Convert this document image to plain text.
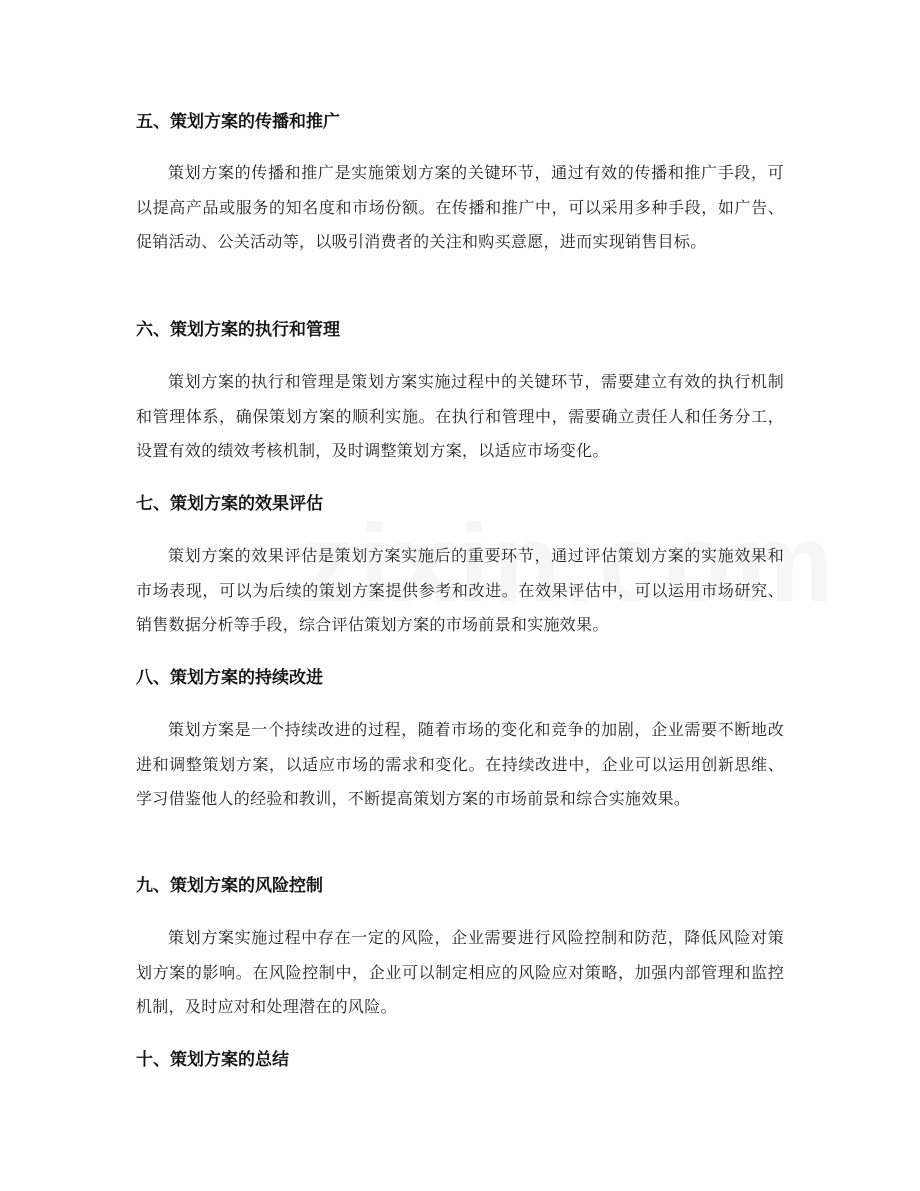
五、策划方案的传播和推广
策划方案的传播和推广是实施策划方案的关键环节，通过有效的传播和推广手段，可以提高产品或服务的知名度和市场份额。在传播和推广中，可以采用多种手段，如广告、促销活动、公关活动等，以吸引消费者的关注和购买意愿，进而实现销售目标。
六、策划方案的执行和管理
策划方案的执行和管理是策划方案实施过程中的关键环节，需要建立有效的执行机制和管理体系，确保策划方案的顺利实施。在执行和管理中，需要确立责任人和任务分工，设置有效的绩效考核机制，及时调整策划方案，以适应市场变化。
七、策划方案的效果评估
策划方案的效果评估是策划方案实施后的重要环节，通过评估策划方案的实施效果和市场表现，可以为后续的策划方案提供参考和改进。在效果评估中，可以运用市场研究、销售数据分析等手段，综合评估策划方案的市场前景和实施效果。
八、策划方案的持续改进
策划方案是一个持续改进的过程，随着市场的变化和竞争的加剧，企业需要不断地改进和调整策划方案，以适应市场的需求和变化。在持续改进中，企业可以运用创新思维、学习借鉴他人的经验和教训，不断提高策划方案的市场前景和综合实施效果。
九、策划方案的风险控制
策划方案实施过程中存在一定的风险，企业需要进行风险控制和防范，降低风险对策划方案的影响。在风险控制中，企业可以制定相应的风险应对策略，加强内部管理和监控机制，及时应对和处理潜在的风险。
十、策划方案的总结
